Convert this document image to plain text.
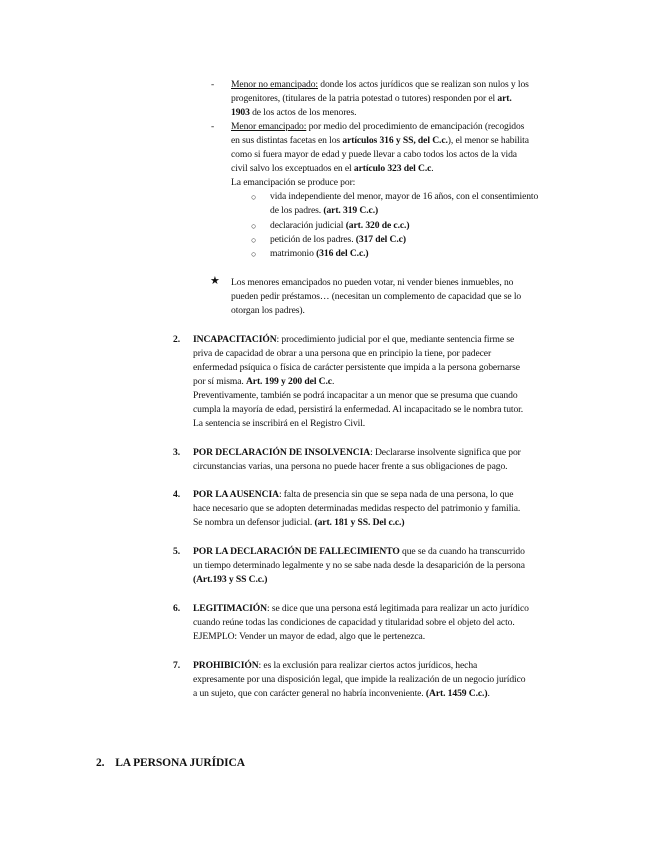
-	Menor no emancipado: donde los actos jurídicos que se realizan son nulos y los
progenitores, (titulares de la patria potestad o tutores) responden por el art.
1903 de los actos de los menores.
-	Menor emancipado: por medio del procedimiento de emancipación (recogidos
en sus distintas facetas en los artículos 316 y SS, del C.c.), el menor se habilita
como si fuera mayor de edad y puede llevar a cabo todos los actos de la vida
civil salvo los exceptuados en el artículo 323 del C.c.
La emancipación se produce por:
○ vida independiente del menor, mayor de 16 años, con el consentimiento
de los padres. (art. 319 C.c.)
○ declaración judicial (art. 320 de c.c.)
○ petición de los padres. (317 del C.c)
○ matrimonio (316 del C.c.)
★ Los menores emancipados no pueden votar, ni vender bienes inmuebles, no
pueden pedir préstamos… (necesitan un complemento de capacidad que se lo
otorgan los padres).
2. INCAPACITACIÓN: procedimiento judicial por el que, mediante sentencia firme se
priva de capacidad de obrar a una persona que en principio la tiene, por padecer
enfermedad psíquica o física de carácter persistente que impida a la persona gobernarse
por sí misma. Art. 199 y 200 del C.c.
Preventivamente, también se podrá incapacitar a un menor que se presuma que cuando
cumpla la mayoría de edad, persistirá la enfermedad. Al incapacitado se le nombra tutor.
La sentencia se inscribirá en el Registro Civil.
3. POR DECLARACIÓN DE INSOLVENCIA: Declararse insolvente significa que por
circunstancias varias, una persona no puede hacer frente a sus obligaciones de pago.
4. POR LA AUSENCIA: falta de presencia sin que se sepa nada de una persona, lo que
hace necesario que se adopten determinadas medidas respecto del patrimonio y familia.
Se nombra un defensor judicial. (art. 181 y SS. Del c.c.)
5. POR LA DECLARACIÓN DE FALLECIMIENTO que se da cuando ha transcurrido
un tiempo determinado legalmente y no se sabe nada desde la desaparición de la persona
(Art.193 y SS C.c.)
6. LEGITIMACIÓN: se dice que una persona está legitimada para realizar un acto jurídico
cuando reúne todas las condiciones de capacidad y titularidad sobre el objeto del acto.
EJEMPLO: Vender un mayor de edad, algo que le pertenezca.
7. PROHIBICIÓN: es la exclusión para realizar ciertos actos jurídicos, hecha
expresamente por una disposición legal, que impide la realización de un negocio jurídico
a un sujeto, que con carácter general no habría inconveniente. (Art. 1459 C.c.).
2. LA PERSONA JURÍDICA
